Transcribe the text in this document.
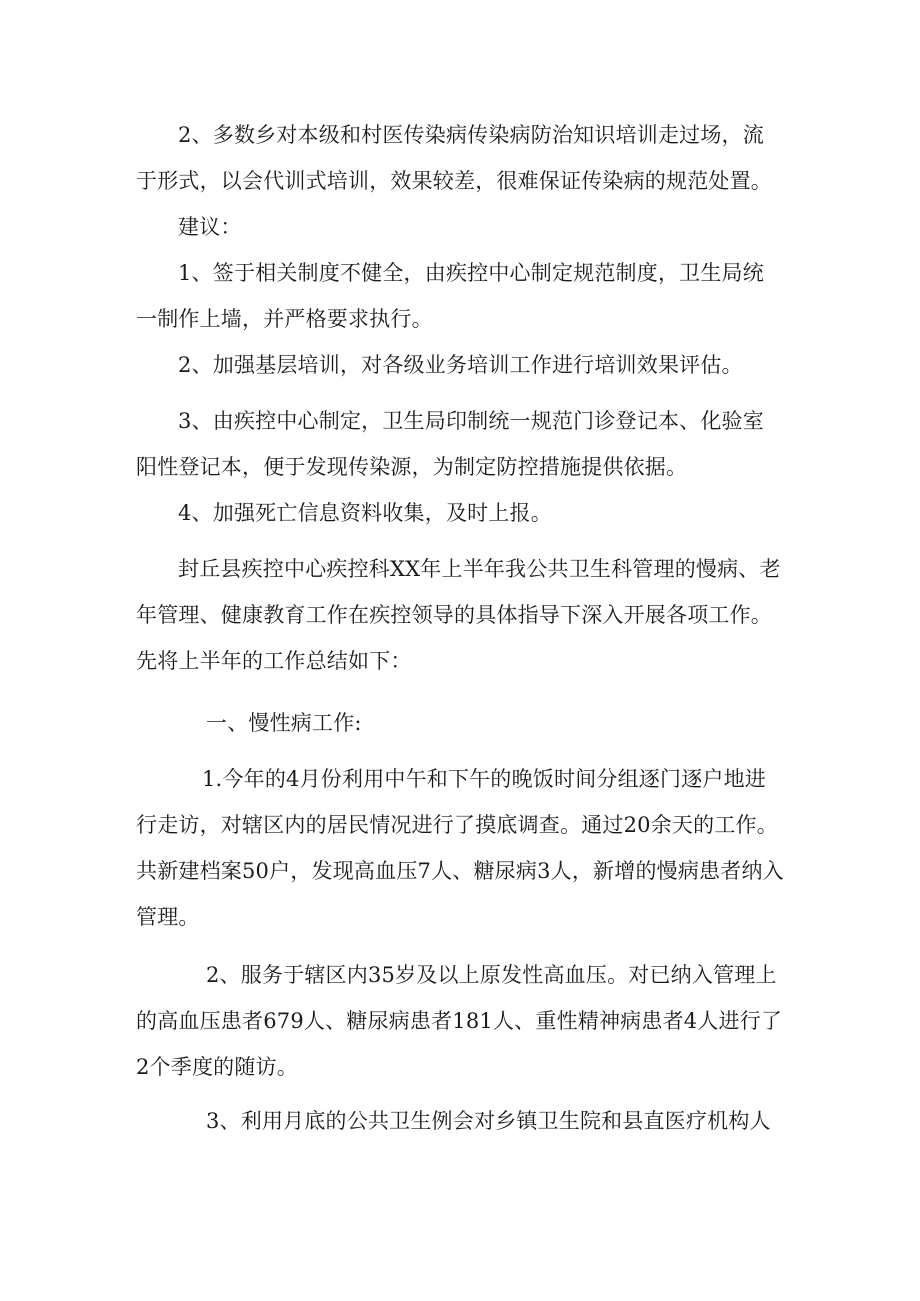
2、多数乡对本级和村医传染病传染病防治知识培训走过场，流于形式，以会代训式培训，效果较差，很难保证传染病的规范处置。

建议：

1、签于相关制度不健全，由疾控中心制定规范制度，卫生局统一制作上墙，并严格要求执行。

2、加强基层培训，对各级业务培训工作进行培训效果评估。

3、由疾控中心制定，卫生局印制统一规范门诊登记本、化验室阳性登记本，便于发现传染源，为制定防控措施提供依据。

4、加强死亡信息资料收集，及时上报。

封丘县疾控中心疾控科XX年上半年我公共卫生科管理的慢病、老年管理、健康教育工作在疾控领导的具体指导下深入开展各项工作。先将上半年的工作总结如下：

一、慢性病工作:

1.今年的4月份利用中午和下午的晚饭时间分组逐门逐户地进行走访，对辖区内的居民情况进行了摸底调查。通过20余天的工作。共新建档案50户，发现高血压7人、糖尿病3人，新增的慢病患者纳入管理。

2、服务于辖区内35岁及以上原发性高血压。对已纳入管理上的高血压患者679人、糖尿病患者181人、重性精神病患者4人进行了2个季度的随访。

3、利用月底的公共卫生例会对乡镇卫生院和县直医疗机构人
